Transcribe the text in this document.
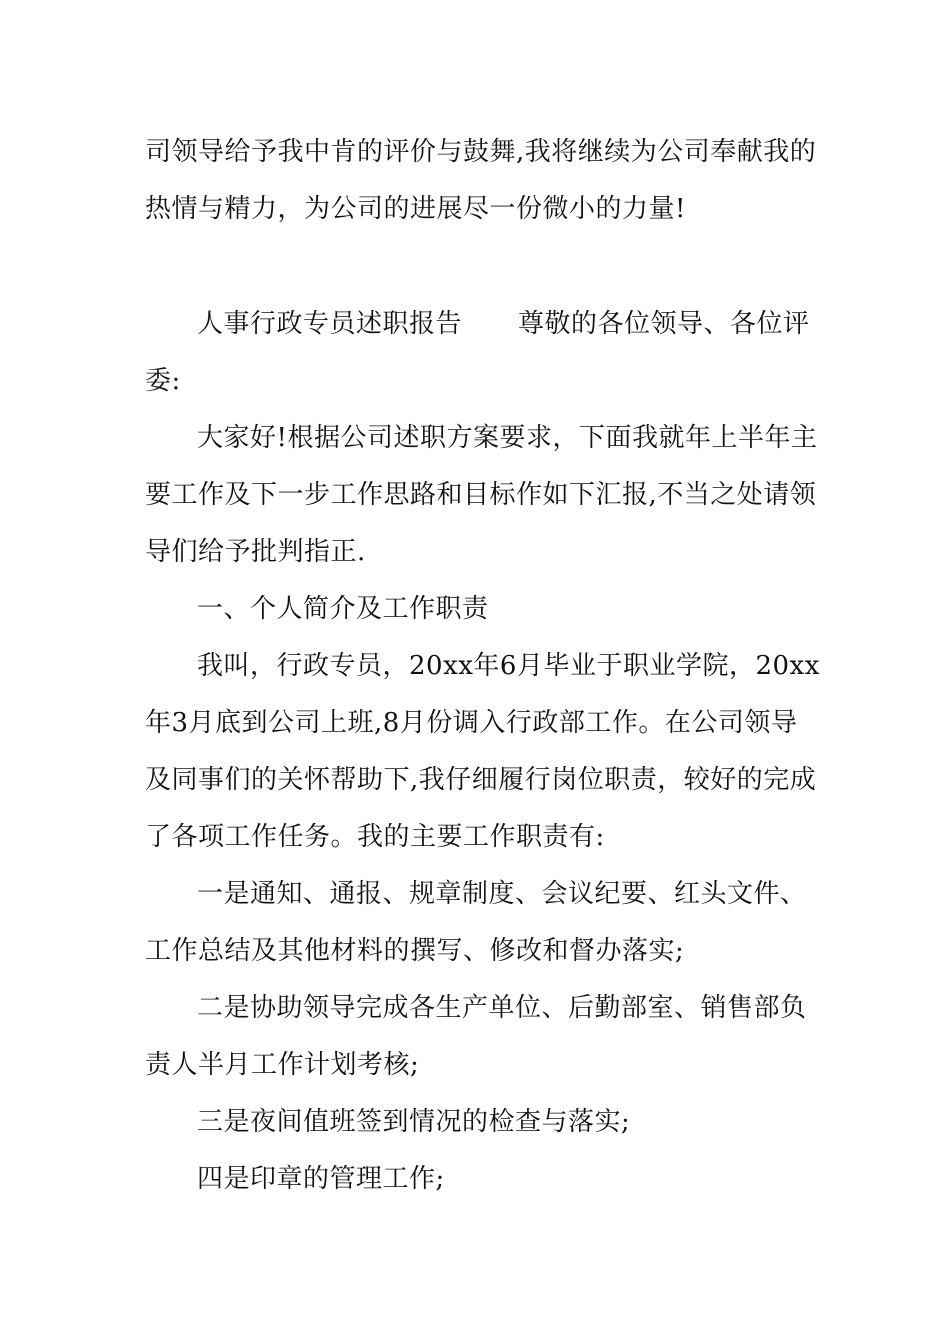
司领导给予我中肯的评价与鼓舞,我将继续为公司奉献我的
热情与精力，为公司的进展尽一份微小的力量!
人事行政专员述职报告 尊敬的各位领导、各位评
委:
大家好!根据公司述职方案要求，下面我就年上半年主
要工作及下一步工作思路和目标作如下汇报,不当之处请领
导们给予批判指正.
一、个人简介及工作职责
我叫，行政专员，20xx年6月毕业于职业学院，20xx
年3月底到公司上班,8月份调入行政部工作。在公司领导
及同事们的关怀帮助下,我仔细履行岗位职责，较好的完成
了各项工作任务。我的主要工作职责有:
一是通知、通报、规章制度、会议纪要、红头文件、
工作总结及其他材料的撰写、修改和督办落实;
二是协助领导完成各生产单位、后勤部室、销售部负
责人半月工作计划考核;
三是夜间值班签到情况的检查与落实;
四是印章的管理工作;
